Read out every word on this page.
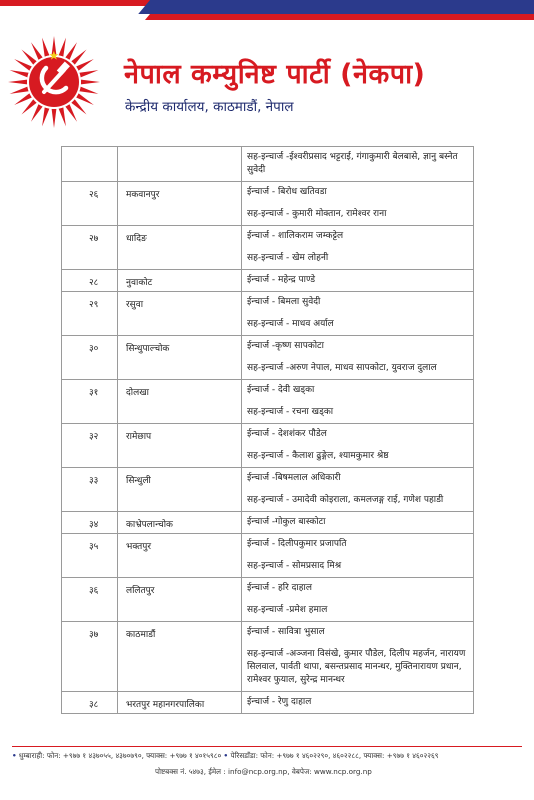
नेपाल कम्युनिष्ट पार्टी (नेकपा)
केन्द्रीय कार्यालय, काठमाडौं, नेपाल

		सह-इन्चार्ज -ईश्वरीप्रसाद भट्टराई, गंगाकुमारी बेलबासे, ज्ञानु बस्नेत
सुवेदी

२६	मकवानपुर	ईन्चार्ज - बिरोध खतिवडा
सह-इन्चार्ज - कुमारी मोक्तान, रामेश्वर राना

२७	धादिङ	ईन्चार्ज - शालिकराम जम्कट्टेल
सह-इन्चार्ज - खेम लोहनी

२८	नुवाकोट	ईन्चार्ज - महेन्द्र पाण्डे

२९	रसुवा	ईन्चार्ज - बिमला सुवेदी
सह-इन्चार्ज - माधव अर्याल

३०	सिन्धुपाल्चोक	ईन्चार्ज -कृष्ण सापकोटा
सह-इन्चार्ज -अरुण नेपाल, माधव सापकोटा, युवराज दुलाल

३१	दोलखा	ईन्चार्ज - देवी खड्का
सह-इन्चार्ज - रचना खड्का

३२	रामेछाप	ईन्चार्ज - देशशंकर पौडेल
सह-इन्चार्ज - कैलाश ढुङ्गेल, श्यामकुमार श्रेष्ठ

३३	सिन्धुली	ईन्चार्ज -बिषमलाल अधिकारी
सह-इन्चार्ज - उमादेवी कोइराला, कमलजङ्ग राई, गणेश पहाडी

३४	काभ्रेपलान्चोक	ईन्चार्ज -गोकुल बास्कोटा

३५	भक्तपुर	ईन्चार्ज - दिलीपकुमार प्रजापति
सह-इन्चार्ज - सोमप्रसाद मिश्र

३६	ललितपुर	ईन्चार्ज - हरि दाहाल
सह-इन्चार्ज -प्रमेश हमाल

३७	काठमाडौं	ईन्चार्ज - सावित्रा भुसाल
सह-इन्चार्ज -अञ्जना विसंखे, कुमार पौडेल, दिलीप महर्जन, नारायण
सिलवाल, पार्वती थापा, बसन्तप्रसाद मानन्धर, मुक्तिनारायण प्रधान,
रामेश्वर फुयाल, सुरेन्द्र मानन्धर

३८	भरतपुर महानगरपालिका	ईन्चार्ज - रेणु दाहाल
• धुम्बाराही: फोन: +९७७ १ ४३७०५५, ४३७०७९०, फ्याक्स: +९७७ १ ४०१५९८० • पेरिसडाँडा: फोन: +९७७ १ ४६०२२९०, ४६०२२८८, फ्याक्स: +९७७ १ ४६०२२६९
पोष्टबक्स नं. ५४७३, ईमेल : info@ncp.org.np, वेबपेज: www.ncp.org.np
